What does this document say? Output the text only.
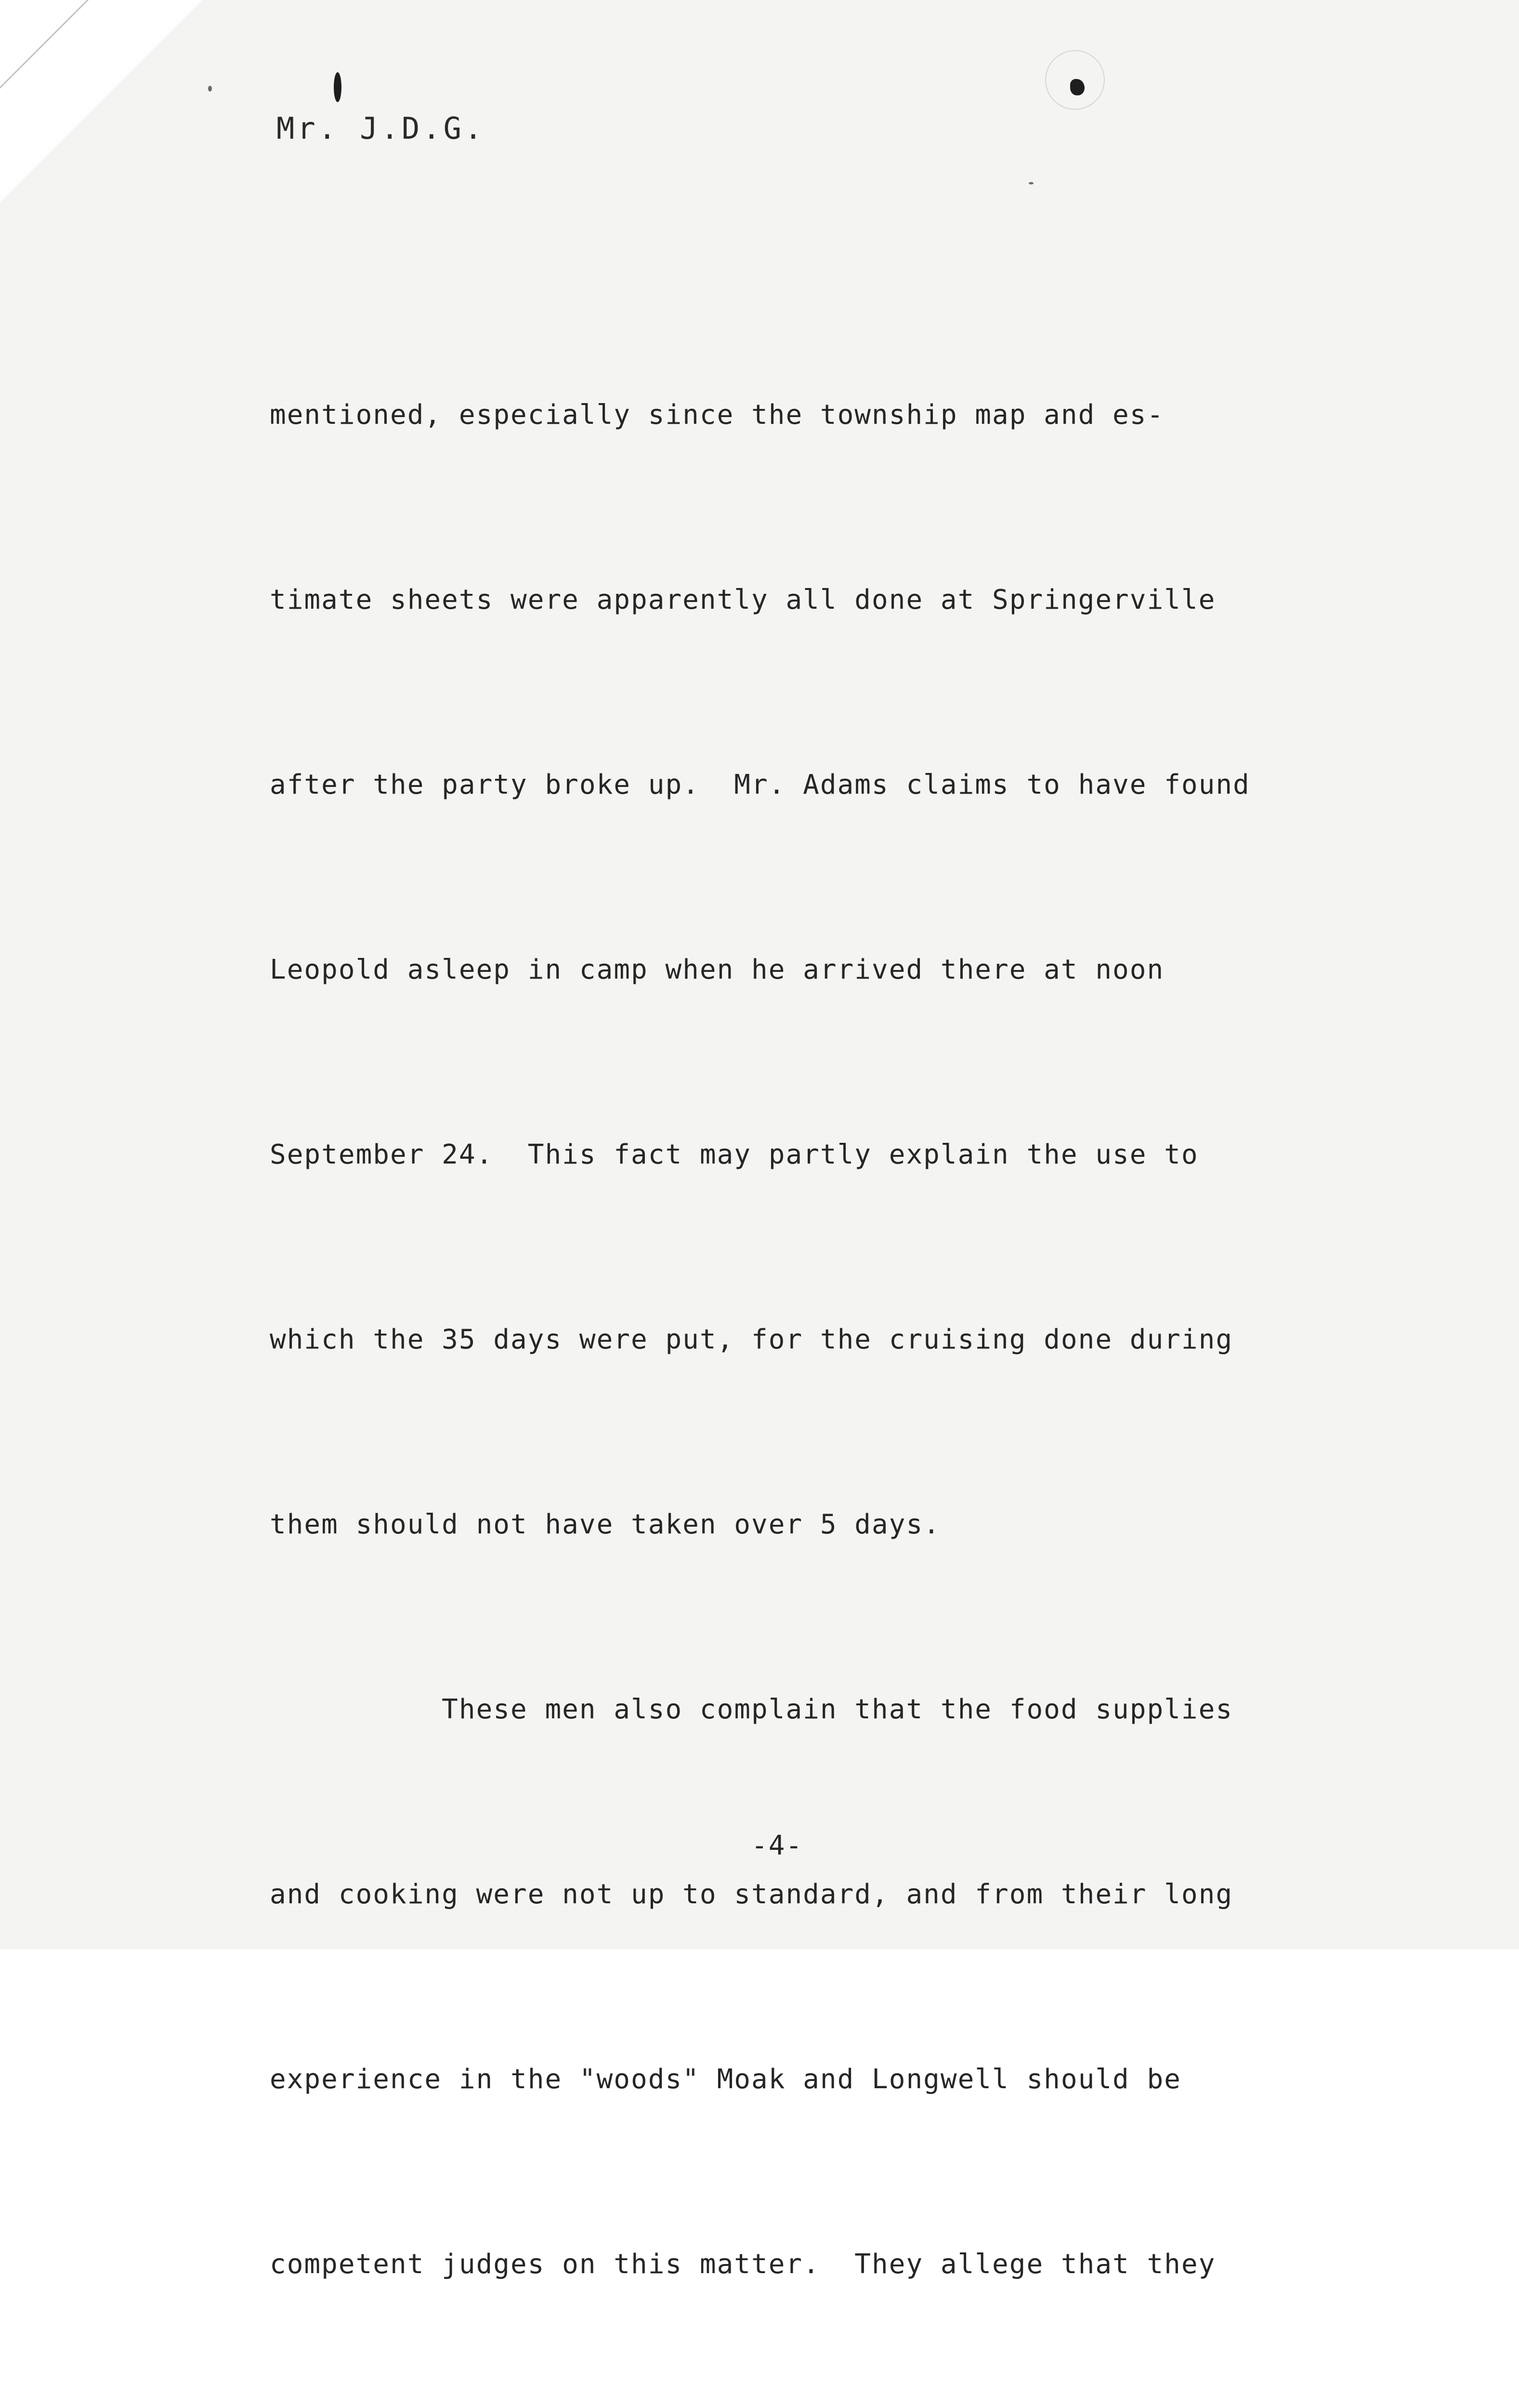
Mr. J.D.G.

mentioned, especially since the township map and es-

timate sheets were apparently all done at Springerville

after the party broke up.  Mr. Adams claims to have found

Leopold asleep in camp when he arrived there at noon

September 24.  This fact may partly explain the use to

which the 35 days were put, for the cruising done during

them should not have taken over 5 days.

These men also complain that the food supplies

and cooking were not up to standard, and from their long

experience in the "woods" Moak and Longwell should be

competent judges on this matter.  They allege that they

-4-
